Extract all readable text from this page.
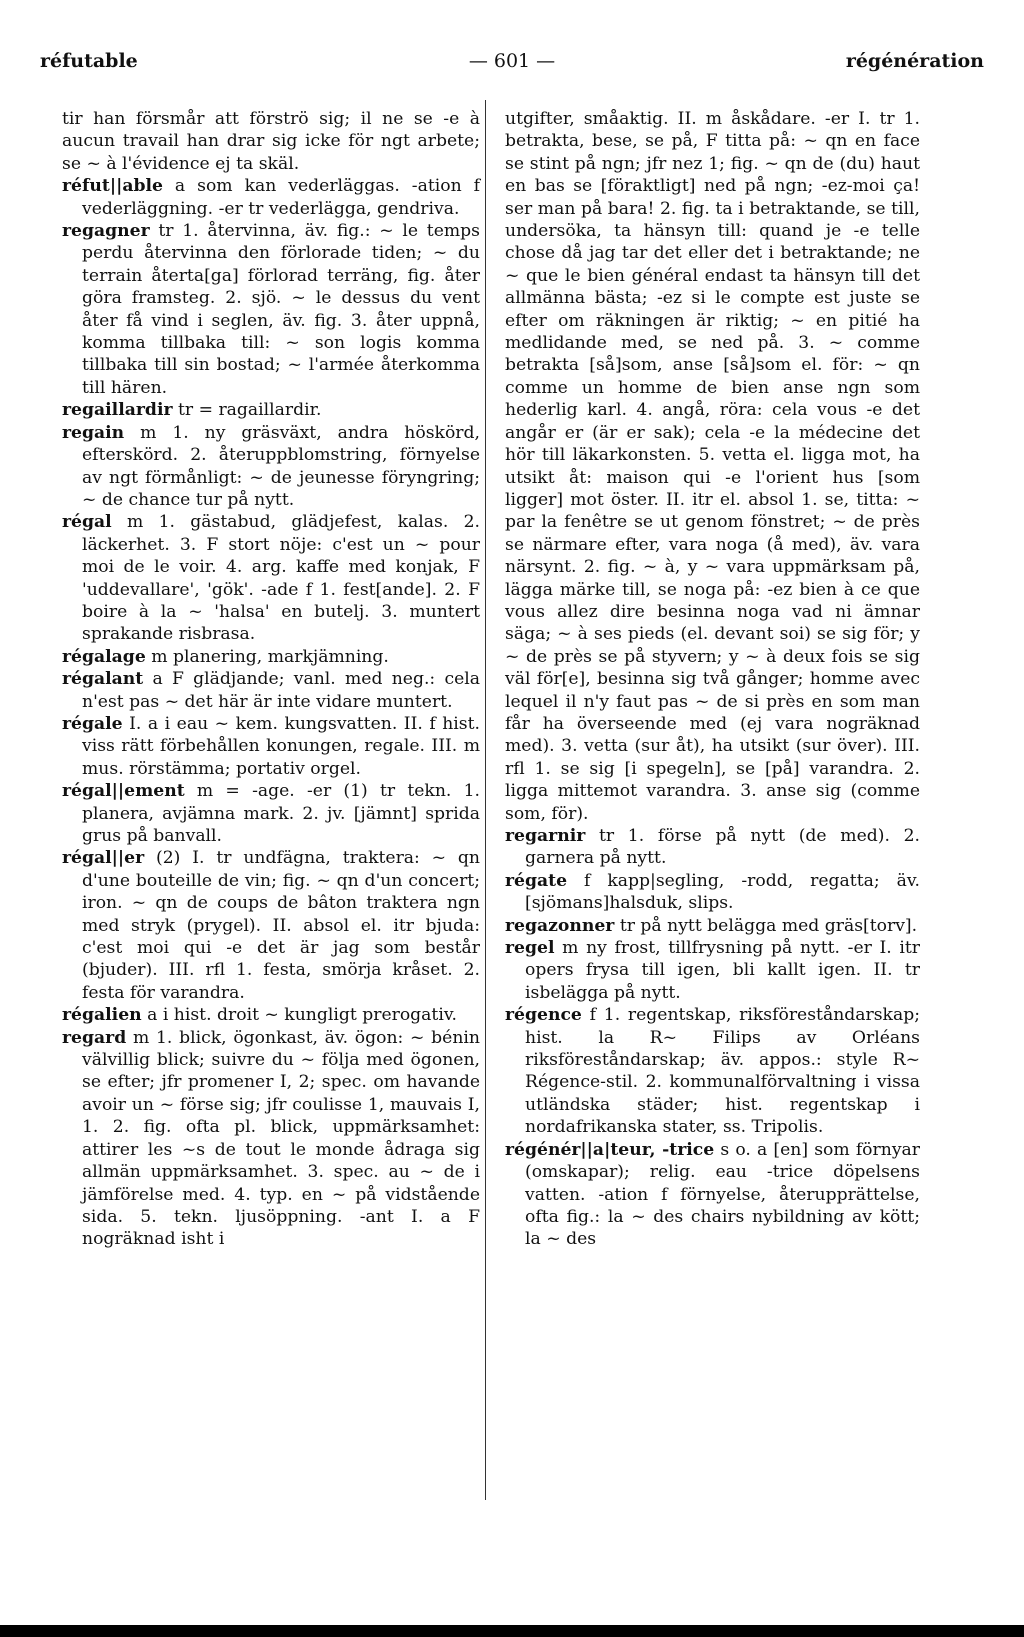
réfutable	— 601 —	régénération

tir han försmår att förströ sig; il ne se -e à aucun travail han drar sig icke för ngt arbete; se ~ à l'évidence ej ta skäl.

réfut||able a som kan vederläggas. -ation f vederläggning. -er tr vederlägga, gendriva.

regagner tr 1. återvinna, äv. fig.: ~ le temps perdu återvinna den förlorade tiden; ~ du terrain återta[ga] förlorad terräng, fig. åter göra framsteg. 2. sjö. ~ le dessus du vent åter få vind i seglen, äv. fig. 3. åter uppnå, komma tillbaka till: ~ son logis komma tillbaka till sin bostad; ~ l'armée återkomma till hären.

regaillardir tr = ragaillardir.

regain m 1. ny gräsväxt, andra höskörd, efterskörd. 2. återuppblomstring, förnyelse av ngt förmånligt: ~ de jeunesse föryngring; ~ de chance tur på nytt.

régal m 1. gästabud, glädjefest, kalas. 2. läckerhet. 3. F stort nöje: c'est un ~ pour moi de le voir. 4. arg. kaffe med konjak, F 'uddevallare', 'gök'. -ade f 1. fest[ande]. 2. F boire à la ~ 'halsa' en butelj. 3. muntert sprakande risbrasa.

régalage m planering, markjämning.

régalant a F glädjande; vanl. med neg.: cela n'est pas ~ det här är inte vidare muntert.

régale I. a i eau ~ kem. kungsvatten. II. f hist. viss rätt förbehållen konungen, regale. III. m mus. rörstämma; portativ orgel.

régal||ement m = -age. -er (1) tr tekn. 1. planera, avjämna mark. 2. jv. [jämnt] sprida grus på banvall.

régal||er (2) I. tr undfägna, traktera: ~ qn d'une bouteille de vin; fig. ~ qn d'un concert; iron. ~ qn de coups de bâton traktera ngn med stryk (prygel). II. absol el. itr bjuda: c'est moi qui -e det är jag som består (bjuder). III. rfl 1. festa, smörja kråset. 2. festa för varandra.

régalien a i hist. droit ~ kungligt prerogativ.

regard m 1. blick, ögonkast, äv. ögon: ~ bénin välvillig blick; suivre du ~ följa med ögonen, se efter; jfr promener I, 2; spec. om havande avoir un ~ förse sig; jfr coulisse 1, mauvais I, 1. 2. fig. ofta pl. blick, uppmärksamhet: attirer les ~s de tout le monde ådraga sig allmän uppmärksamhet. 3. spec. au ~ de i jämförelse med. 4. typ. en ~ på vidstående sida. 5. tekn. ljusöppning. -ant I. a F nogräknad isht i

utgifter, småaktig. II. m åskådare. -er I. tr 1. betrakta, bese, se på, F titta på: ~ qn en face se stint på ngn; jfr nez 1; fig. ~ qn de (du) haut en bas se [föraktligt] ned på ngn; -ez-moi ça! ser man på bara! 2. fig. ta i betraktande, se till, undersöka, ta hänsyn till: quand je -e telle chose då jag tar det eller det i betraktande; ne ~ que le bien général endast ta hänsyn till det allmänna bästa; -ez si le compte est juste se efter om räkningen är riktig; ~ en pitié ha medlidande med, se ned på. 3. ~ comme betrakta [så]som, anse [så]som el. för: ~ qn comme un homme de bien anse ngn som hederlig karl. 4. angå, röra: cela vous -e det angår er (är er sak); cela -e la médecine det hör till läkarkonsten. 5. vetta el. ligga mot, ha utsikt åt: maison qui -e l'orient hus [som ligger] mot öster. II. itr el. absol 1. se, titta: ~ par la fenêtre se ut genom fönstret; ~ de près se närmare efter, vara noga (å med), äv. vara närsynt. 2. fig. ~ à, y ~ vara uppmärksam på, lägga märke till, se noga på: -ez bien à ce que vous allez dire besinna noga vad ni ämnar säga; ~ à ses pieds (el. devant soi) se sig för; y ~ de près se på styvern; y ~ à deux fois se sig väl för[e], besinna sig två gånger; homme avec lequel il n'y faut pas ~ de si près en som man får ha överseende med (ej vara nogräknad med). 3. vetta (sur åt), ha utsikt (sur över). III. rfl 1. se sig [i spegeln], se [på] varandra. 2. ligga mittemot varandra. 3. anse sig (comme som, för).

regarnir tr 1. förse på nytt (de med). 2. garnera på nytt.

régate f kapp|segling, -rodd, regatta; äv. [sjömans]halsduk, slips.

regazonner tr på nytt belägga med gräs[torv].

regel m ny frost, tillfrysning på nytt. -er I. itr opers frysa till igen, bli kallt igen. II. tr isbelägga på nytt.

régence f 1. regentskap, riksföreståndarskap; hist. la R~ Filips av Orléans riksföreståndarskap; äv. appos.: style R~ Régence-stil. 2. kommunalförvaltning i vissa utländska städer; hist. regentskap i nordafrikanska stater, ss. Tripolis.

régénér||a|teur, -trice s o. a [en] som förnyar (omskapar); relig. eau -trice döpelsens vatten. -ation f förnyelse, återupprättelse, ofta fig.: la ~ des chairs nybildning av kött; la ~ des
